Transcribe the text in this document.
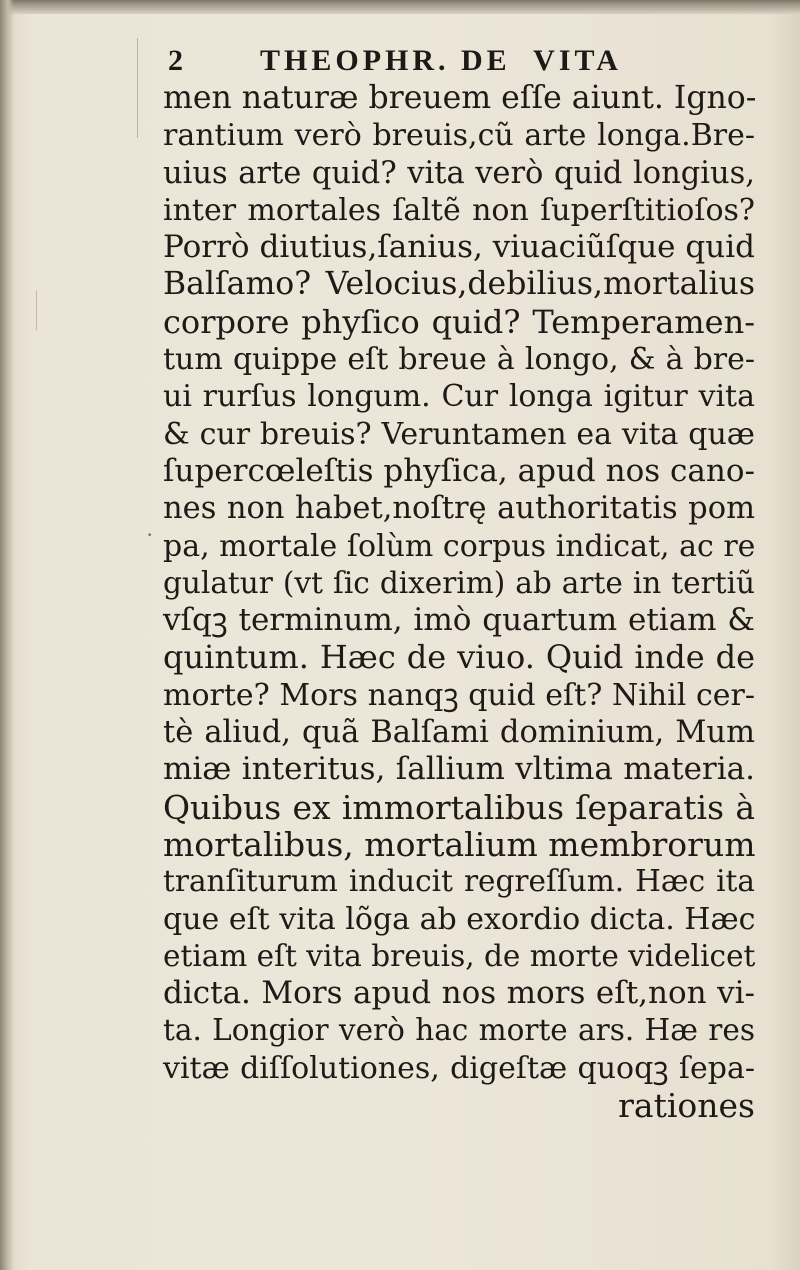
2 THEOPHR. DE  VITA
·
men naturæ breuem eſſe aiunt. Igno-
rantium verò breuis,cũ arte longa.Bre-
uius arte quid? vita verò quid longius,
inter mortales ſaltẽ non ſuperſtitioſos?
Porrò diutius,ſanius, viuaciũſque quid
Balſamo? Velocius,debilius,mortalius
corpore phyſico quid? Temperamen-
tum quippe eſt breue à longo, & à bre-
ui rurſus longum. Cur longa igitur vita
& cur breuis? Veruntamen ea vita quæ
ſupercœleſtis phyſica, apud nos cano-
nes non habet,noſtrę authoritatis pom
pa, mortale ſolùm corpus indicat, ac re
gulatur (vt ſic dixerim) ab arte in tertiũ
vſqꝫ terminum, imò quartum etiam &
quintum. Hæc de viuo. Quid inde de
morte? Mors nanqꝫ quid eſt? Nihil cer-
tè aliud, quã Balſami dominium, Mum
miæ interitus, ſallium vltima materia.
Quibus ex immortalibus ſeparatis à
mortalibus, mortalium membrorum
tranſiturum inducit regreſſum. Hæc ita
que eſt vita lõga ab exordio dicta. Hæc
etiam eſt vita breuis, de morte videlicet
dicta. Mors apud nos mors eſt,non vi-
ta. Longior verò hac morte ars. Hæ res
vitæ diſſolutiones, digeſtæ quoqꝫ ſepa-
rationes
